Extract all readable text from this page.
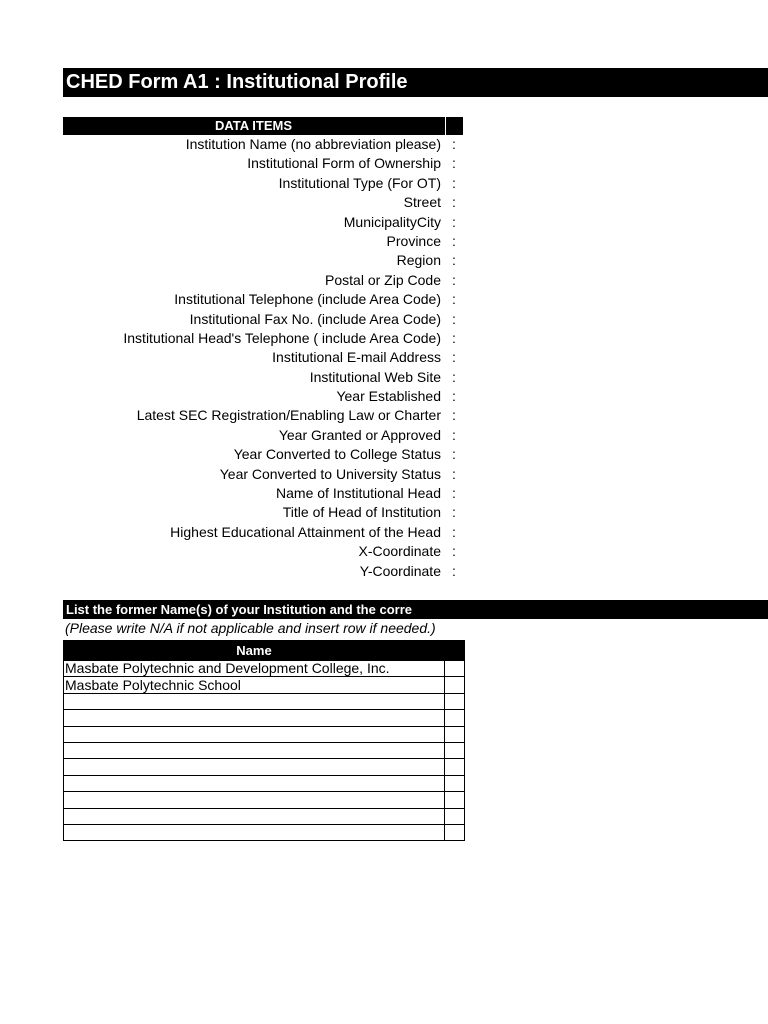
CHED Form A1 : Institutional Profile
DATA ITEMS
Institution Name (no abbreviation please) :
Institutional Form of Ownership :
Institutional Type (For OT) :
Street :
MunicipalityCity :
Province :
Region :
Postal or Zip Code :
Institutional Telephone (include Area Code) :
Institutional Fax No. (include Area Code) :
Institutional Head's Telephone ( include Area Code) :
Institutional E-mail Address :
Institutional Web Site :
Year Established :
Latest SEC Registration/Enabling Law or Charter :
Year Granted or Approved :
Year Converted to College Status :
Year Converted to University Status :
Name of Institutional Head :
Title of Head of Institution :
Highest Educational Attainment of the Head :
X-Coordinate :
Y-Coordinate :
List the former Name(s) of your Institution and the corre
(Please write N/A if not applicable and insert row if needed.)
Name	
Masbate Polytechnic and Development College, Inc.	
Masbate Polytechnic School	
